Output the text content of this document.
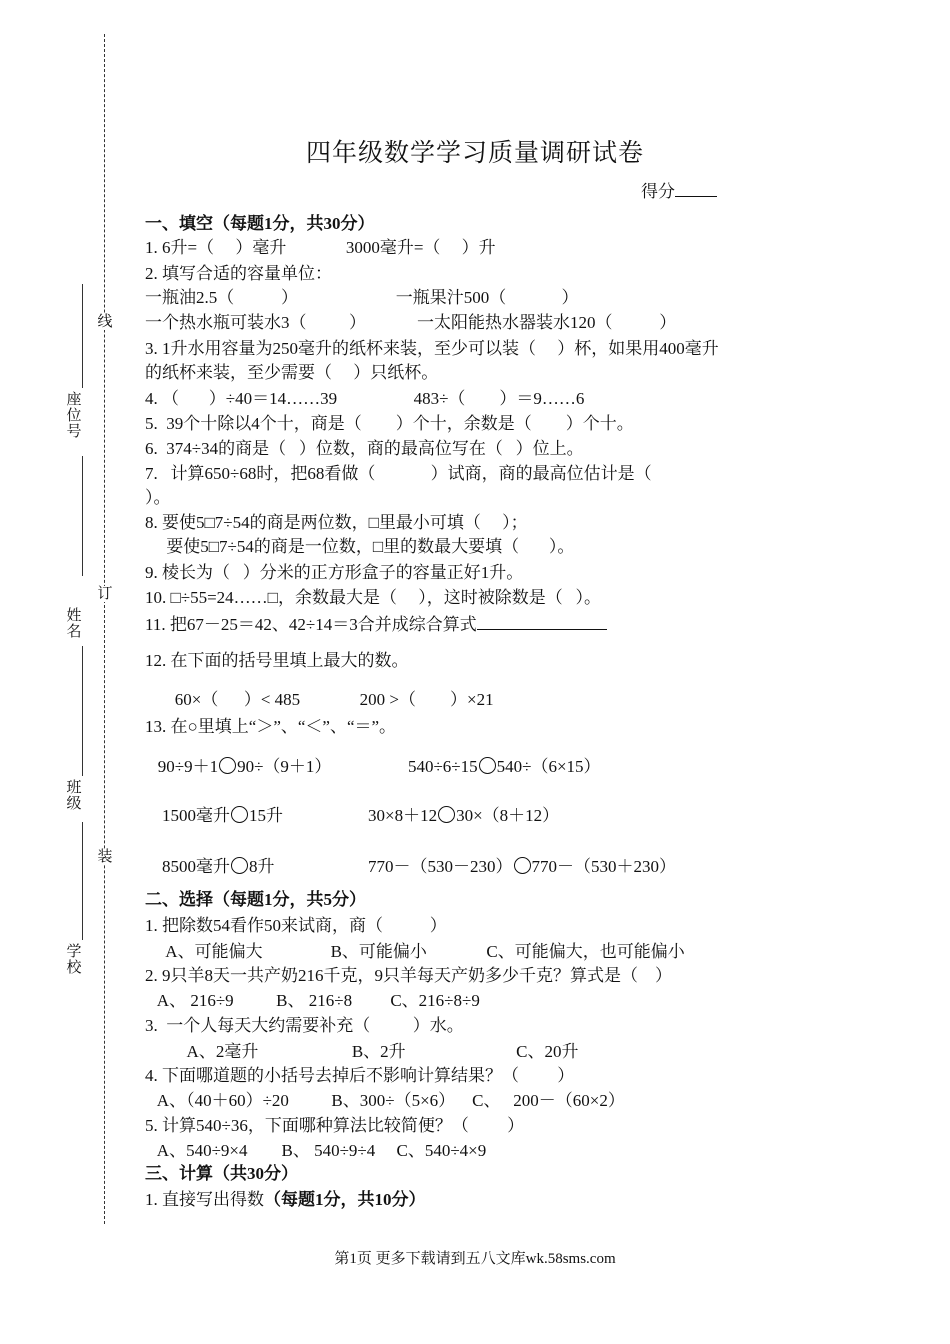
线
订
装
座位号
姓名
班级
学校
四年级数学学习质量调研试卷
得分
一、填空（每题1分，共30分）
1. 6升=（     ）毫升              3000毫升=（     ）升
2. 填写合适的容量单位：
一瓶油2.5（           ）                       一瓶果汁500（             ）
一个热水瓶可装水3（          ）            一太阳能热水器装水120（           ）
3. 1升水用容量为250毫升的纸杯来装，至少可以装（     ）杯，如果用400毫升
的纸杯来装，至少需要（     ）只纸杯。
4. （       ）÷40＝14……39                  483÷（        ）＝9……6
5.  39个十除以4个十，商是（        ）个十，余数是（        ）个十。
6.  374÷34的商是（   ）位数，商的最高位写在（   ）位上。
7.   计算650÷68时，把68看做（             ）试商，商的最高位估计是（
）。
8. 要使5□7÷54的商是两位数，□里最小可填（     ）；
要使5□7÷54的商是一位数，□里的数最大要填（       ）。
9. 棱长为（   ）分米的正方形盒子的容量正好1升。
10. □÷55=24……□，余数最大是（     ），这时被除数是（   ）。
11. 把67－25＝42、42÷14＝3合并成综合算式
12. 在下面的括号里填上最大的数。
60×（      ）< 485              200 >（        ）×21
13. 在○里填上“＞”、“＜”、“＝”。
90÷9＋1 90÷（9＋1）	540÷6÷15 540÷（6×15）
1500毫升 15升	30×8＋12 30×（8＋12）
8500毫升 8升	770－（530－230） 770－（530＋230）
二、选择（每题1分，共5分）
1. 把除数54看作50来试商，商（           ）
A、可能偏大                B、可能偏小              C、可能偏大，也可能偏小
2. 9只羊8天一共产奶216千克，9只羊每天产奶多少千克？算式是（    ）
A、 216÷9          B、 216÷8         C、216÷8÷9
3.  一个人每天大约需要补充（          ）水。
A、2毫升                      B、2升                          C、20升
4. 下面哪道题的小括号去掉后不影响计算结果？（         ）
A、（40＋60）÷20          B、300÷（5×6）    C、   200－（60×2）
5. 计算540÷36，下面哪种算法比较简便？（         ）
A、540÷9×4        B、 540÷9÷4     C、540÷4×9
三、计算（共30分）
1. 直接写出得数（每题1分，共10分）
第1页 更多下载请到五八文库wk.58sms.com
